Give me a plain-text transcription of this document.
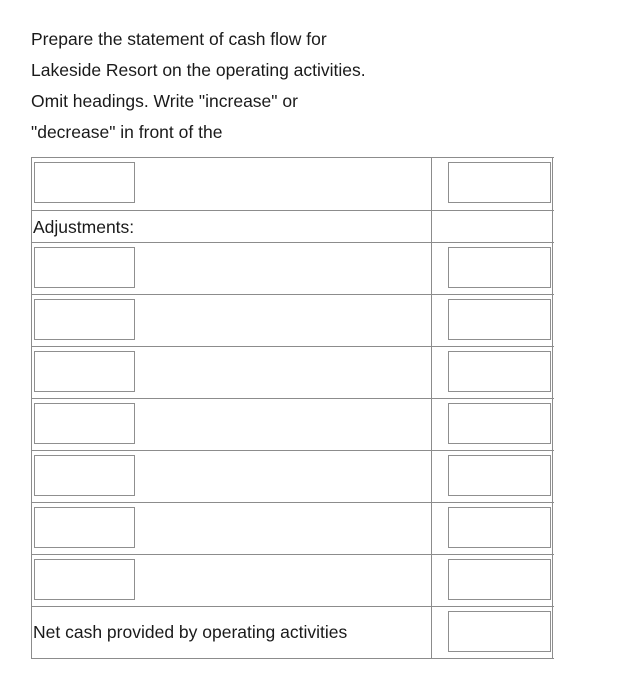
Prepare the statement of cash flow for

Lakeside Resort on the operating activities.

Omit headings. Write "increase" or

"decrease" in front of the

Adjustments:
Net cash provided by operating activities
